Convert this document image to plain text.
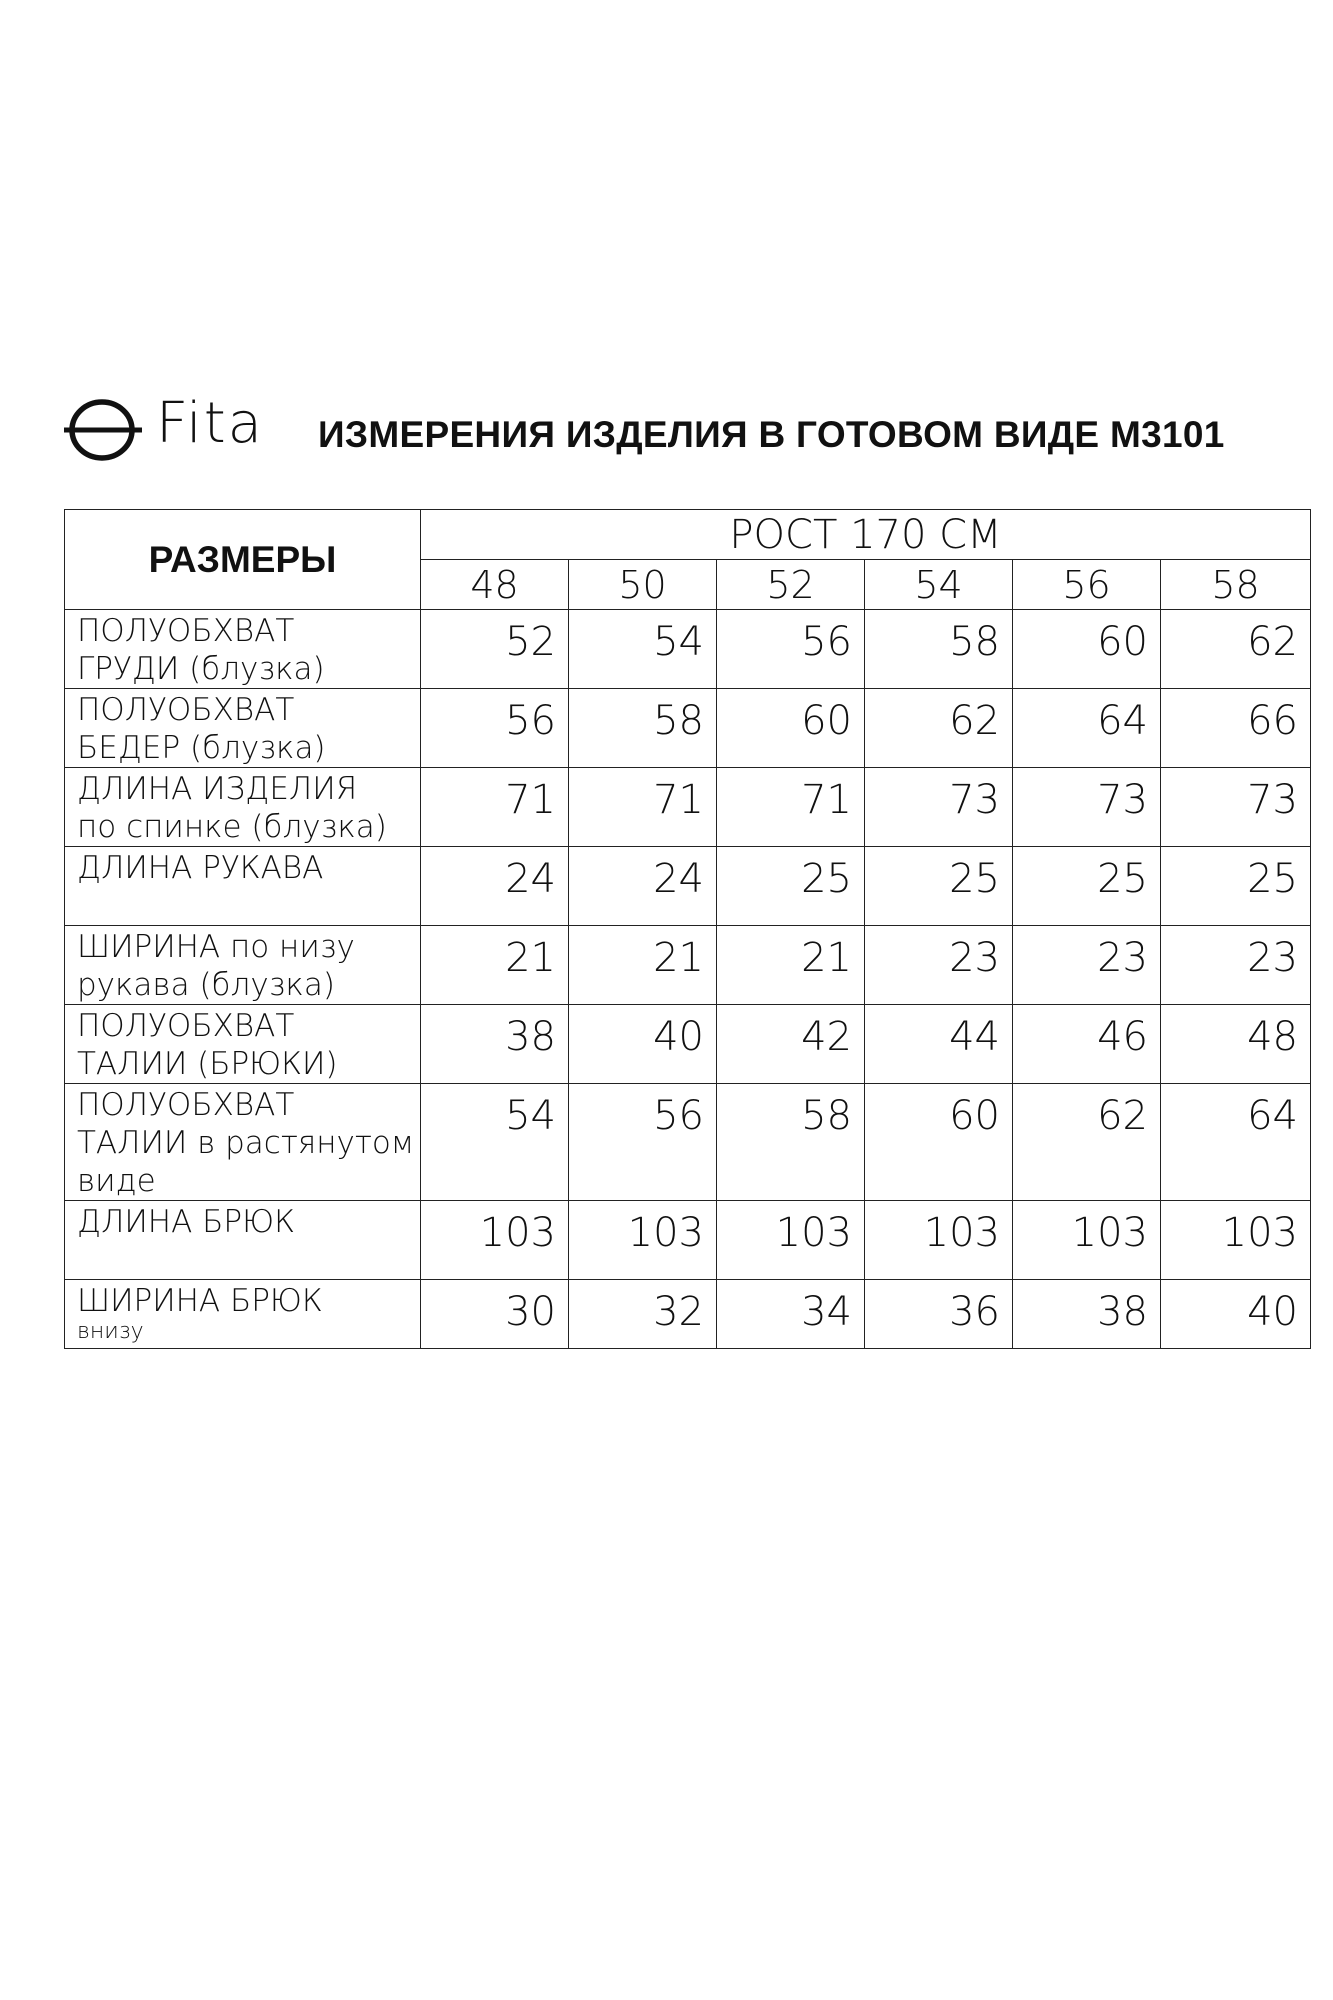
Fita ИЗМЕРЕНИЯ ИЗДЕЛИЯ В ГОТОВОМ ВИДЕ М3101
РАЗМЕРЫ	РОСТ 170 СМ					
	48	50	52	54	56	58

ПОЛУОБХВАТ
ГРУДИ (блузка)	52	54	56	58	60	62

ПОЛУОБХВАТ
БЕДЕР (блузка)	56	58	60	62	64	66

ДЛИНА ИЗДЕЛИЯ
по спинке (блузка)	71	71	71	73	73	73

ДЛИНА РУКАВА	24	24	25	25	25	25

ШИРИНА по низу
рукава (блузка)	21	21	21	23	23	23

ПОЛУОБХВАТ
ТАЛИИ (БРЮКИ)	38	40	42	44	46	48

ПОЛУОБХВАТ
ТАЛИИ в растянутом
виде	54	56	58	60	62	64

ДЛИНА БРЮК	103	103	103	103	103	103

ШИРИНА БРЮК
внизу	30	32	34	36	38	40
